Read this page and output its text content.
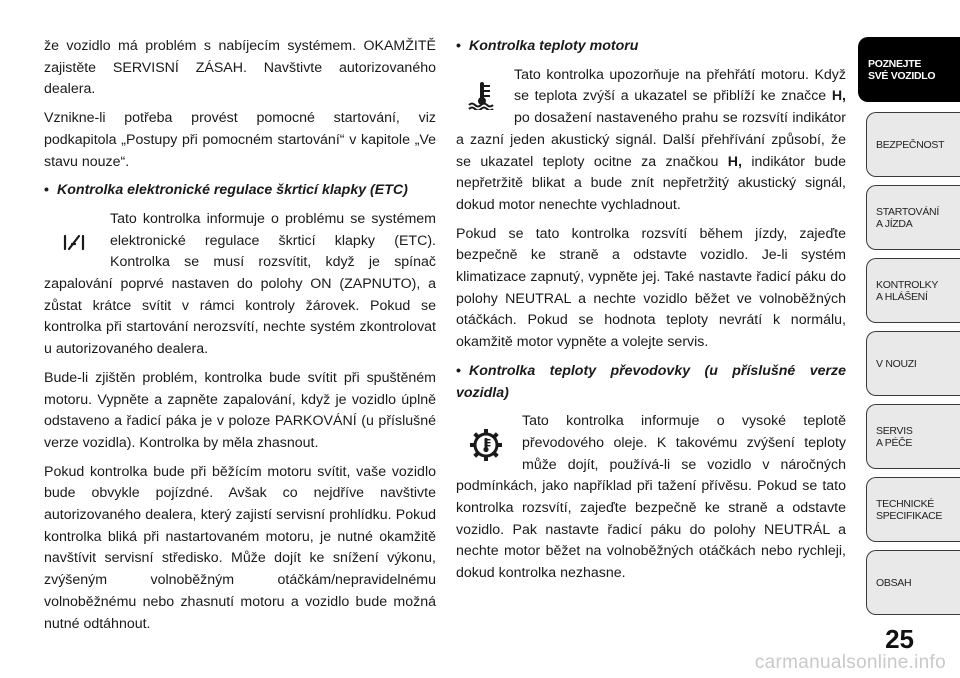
že vozidlo má problém s nabíjecím systémem. OKAMŽITĚ zajistěte SERVISNÍ ZÁSAH. Navštivte autorizovaného dealera.

Vznikne-li potřeba provést pomocné startování, viz podkapitola „Postupy při pomocném startování“ v kapitole „Ve stavu nouze“.

• Kontrolka elektronické regulace škrticí klapky (ETC)

Tato kontrolka informuje o problému se systémem elektronické regulace škrticí klapky (ETC). Kontrolka se musí rozsvítit, když je spínač zapalování poprvé nastaven do polohy ON (ZAPNUTO), a zůstat krátce svítit v rámci kontroly žárovek. Pokud se kontrolka při startování nerozsvítí, nechte systém zkontrolovat u autorizovaného dealera.

Bude-li zjištěn problém, kontrolka bude svítit při spuštěném motoru. Vypněte a zapněte zapalování, když je vozidlo úplně odstaveno a řadicí páka je v poloze PARKOVÁNÍ (u příslušné verze vozidla). Kontrolka by měla zhasnout.

Pokud kontrolka bude při běžícím motoru svítit, vaše vozidlo bude obvykle pojízdné. Avšak co nejdříve navštivte autorizovaného dealera, který zajistí servisní prohlídku. Pokud kontrolka bliká při nastartovaném motoru, je nutné okamžitě navštívit servisní středisko. Může dojít ke snížení výkonu, zvýšeným volnoběžným otáčkám/nepravidelnému volnoběžnému nebo zhasnutí motoru a vozidlo bude možná nutné odtáhnout.

• Kontrolka teploty motoru

Tato kontrolka upozorňuje na přehřátí motoru. Když se teplota zvýší a ukazatel se přiblíží ke značce H, po dosažení nastaveného prahu se rozsvítí indikátor a zazní jeden akustický signál. Další přehřívání způsobí, že se ukazatel teploty ocitne za značkou H, indikátor bude nepřetržitě blikat a bude znít nepřetržitý akustický signál, dokud motor nenechte vychladnout.

Pokud se tato kontrolka rozsvítí během jízdy, zajeďte bezpečně ke straně a odstavte vozidlo. Je-li systém klimatizace zapnutý, vypněte jej. Také nastavte řadicí páku do polohy NEUTRAL a nechte vozidlo běžet ve volnoběžných otáčkách. Pokud se hodnota teploty nevrátí k normálu, okamžitě motor vypněte a volejte servis.

• Kontrolka teploty převodovky (u příslušné verze vozidla)

Tato kontrolka informuje o vysoké teplotě převodového oleje. K takovému zvýšení teploty může dojít, používá-li se vozidlo v náročných podmínkách, jako například při tažení přívěsu. Pokud se tato kontrolka rozsvítí, zajeďte bezpečně ke straně a odstavte vozidlo. Pak nastavte řadicí páku do polohy NEUTRÁL a nechte motor běžet na volnoběžných otáčkách nebo rychleji, dokud kontrolka nezhasne.
POZNEJTE
SVÉ VOZIDLO
BEZPEČNOST
STARTOVÁNÍ
A JÍZDA
KONTROLKY
A HLÁŠENÍ
V NOUZI
SERVIS
A PÉČE
TECHNICKÉ
SPECIFIKACE
OBSAH
25
carmanualsonline.info
